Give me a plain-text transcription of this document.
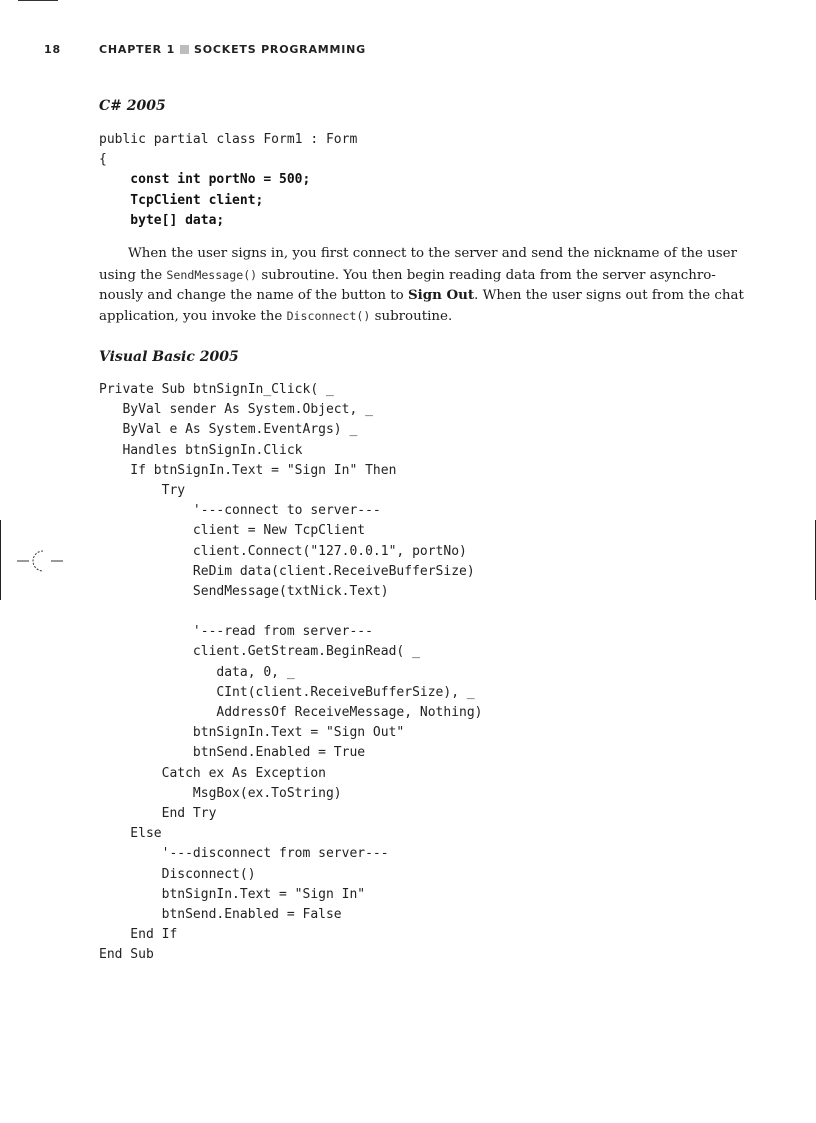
18	CHAPTER 1 SOCKETS PROGRAMMING
C# 2005
public partial class Form1 : Form
{
const int portNo = 500;
TcpClient client;
byte[] data;
When the user signs in, you first connect to the server and send the nickname of the user
using the SendMessage() subroutine. You then begin reading data from the server asynchro-
nously and change the name of the button to Sign Out. When the user signs out from the chat
application, you invoke the Disconnect() subroutine.
Visual Basic 2005
Private Sub btnSignIn_Click( _
ByVal sender As System.Object, _
ByVal e As System.EventArgs) _
Handles btnSignIn.Click
If btnSignIn.Text = "Sign In" Then
Try
'---connect to server---
client = New TcpClient
client.Connect("127.0.0.1", portNo)
ReDim data(client.ReceiveBufferSize)
SendMessage(txtNick.Text)
'---read from server---
client.GetStream.BeginRead( _
data, 0, _
CInt(client.ReceiveBufferSize), _
AddressOf ReceiveMessage, Nothing)
btnSignIn.Text = "Sign Out"
btnSend.Enabled = True
Catch ex As Exception
MsgBox(ex.ToString)
End Try
Else
'---disconnect from server---
Disconnect()
btnSignIn.Text = "Sign In"
btnSend.Enabled = False
End If
End Sub
